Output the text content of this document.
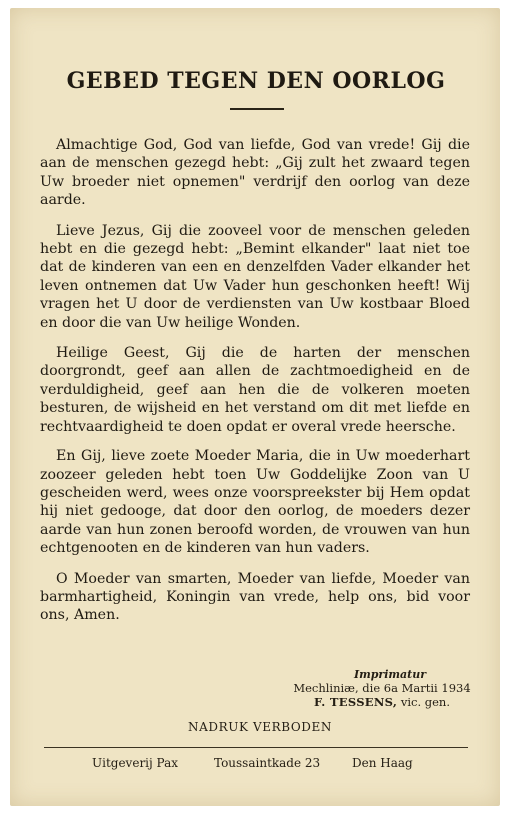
GEBED TEGEN DEN OORLOG

Almachtige God, God van liefde, God van vrede! Gij die aan de menschen gezegd hebt: „Gij zult het zwaard tegen Uw broeder niet opnemen" verdrijf den oorlog van deze aarde.

Lieve Jezus, Gij die zooveel voor de menschen geleden hebt en die gezegd hebt: „Bemint elkander" laat niet toe dat de kinderen van een en denzelfden Vader elkander het leven ontnemen dat Uw Vader hun geschonken heeft! Wij vragen het U door de verdiensten van Uw kostbaar Bloed en door die van Uw heilige Wonden.

Heilige Geest, Gij die de harten der menschen doorgrondt, geef aan allen de zachtmoedigheid en de verduldigheid, geef aan hen die de volkeren moeten besturen, de wijsheid en het verstand om dit met liefde en rechtvaardigheid te doen opdat er overal vrede heersche.

En Gij, lieve zoete Moeder Maria, die in Uw moederhart zoozeer geleden hebt toen Uw Goddelijke Zoon van U gescheiden werd, wees onze voorspreekster bij Hem opdat hij niet gedooge, dat door den oorlog, de moeders dezer aarde van hun zonen beroofd worden, de vrouwen van hun echtgenooten en de kinderen van hun vaders.

O Moeder van smarten, Moeder van liefde, Moeder van barmhartigheid, Koningin van vrede, help ons, bid voor ons, Amen.

Imprimatur
Mechliniæ, die 6a Martii 1934
F. TESSENS, vic. gen.
NADRUK VERBODEN
Uitgeverij Pax	Toussaintkade 23	Den Haag
